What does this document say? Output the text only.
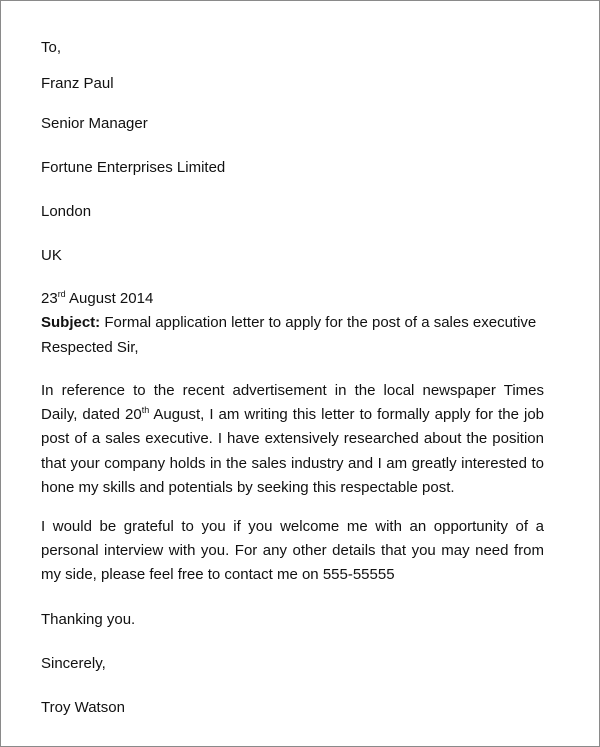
To,
Franz Paul
Senior Manager
Fortune Enterprises Limited
London
UK
23rd August 2014
Subject: Formal application letter to apply for the post of a sales executive
Respected Sir,
In reference to the recent advertisement in the local newspaper Times Daily, dated 20th August, I am writing this letter to formally apply for the job post of a sales executive. I have extensively researched about the position that your company holds in the sales industry and I am greatly interested to hone my skills and potentials by seeking this respectable post.
I would be grateful to you if you welcome me with an opportunity of a personal interview with you. For any other details that you may need from my side, please feel free to contact me on 555-55555
Thanking you.
Sincerely,
Troy Watson
